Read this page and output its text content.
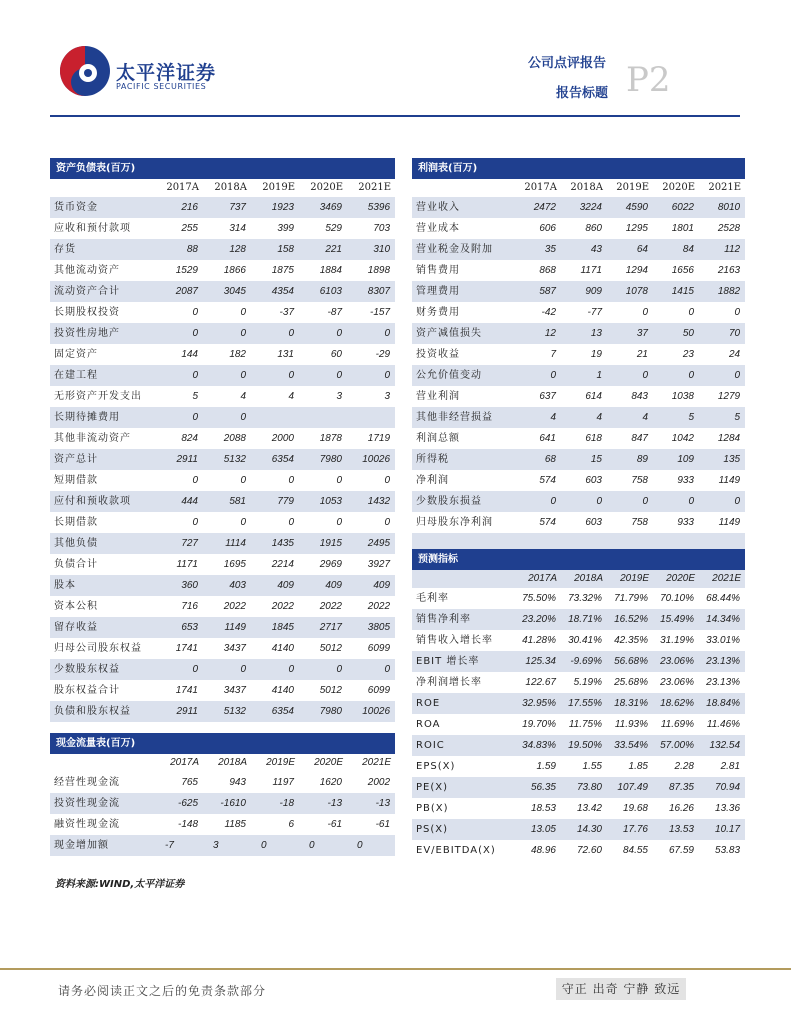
太平洋证券
PACIFIC SECURITIES
公司点评报告
报告标题 P2
资产负债表(百万)					
	2017A	2018A	2019E	2020E	2021E
货币资金	216	737	1923	3469	5396
应收和预付款项	255	314	399	529	703
存货	88	128	158	221	310
其他流动资产	1529	1866	1875	1884	1898
流动资产合计	2087	3045	4354	6103	8307
长期股权投资	0	0	-37	-87	-157
投资性房地产	0	0	0	0	0
固定资产	144	182	131	60	-29
在建工程	0	0	0	0	0
无形资产开发支出	5	4	4	3	3
长期待摊费用	0	0			
其他非流动资产	824	2088	2000	1878	1719
资产总计	2911	5132	6354	7980	10026
短期借款	0	0	0	0	0
应付和预收款项	444	581	779	1053	1432
长期借款	0	0	0	0	0
其他负债	727	1114	1435	1915	2495
负债合计	1171	1695	2214	2969	3927
股本	360	403	409	409	409
资本公积	716	2022	2022	2022	2022
留存收益	653	1149	1845	2717	3805
归母公司股东权益	1741	3437	4140	5012	6099
少数股东权益	0	0	0	0	0
股东权益合计	1741	3437	4140	5012	6099
负债和股东权益	2911	5132	6354	7980	10026
现金流量表(百万)					
	2017A	2018A	2019E	2020E	2021E
经营性现金流	765	943	1197	1620	2002
投资性现金流	-625	-1610	-18	-13	-13
融资性现金流	-148	1185	6	-61	-61
现金增加额	-7	3	0	0	0
利润表(百万)					
	2017A	2018A	2019E	2020E	2021E
营业收入	2472	3224	4590	6022	8010
营业成本	606	860	1295	1801	2528
营业税金及附加	35	43	64	84	112
销售费用	868	1171	1294	1656	2163
管理费用	587	909	1078	1415	1882
财务费用	-42	-77	0	0	0
资产减值损失	12	13	37	50	70
投资收益	7	19	21	23	24
公允价值变动	0	1	0	0	0
营业利润	637	614	843	1038	1279
其他非经营损益	4	4	4	5	5
利润总额	641	618	847	1042	1284
所得税	68	15	89	109	135
净利润	574	603	758	933	1149
少数股东损益	0	0	0	0	0
归母股东净利润	574	603	758	933	1149

预测指标					
	2017A	2018A	2019E	2020E	2021E
毛利率	75.50%	73.32%	71.79%	70.10%	68.44%
销售净利率	23.20%	18.71%	16.52%	15.49%	14.34%
销售收入增长率	41.28%	30.41%	42.35%	31.19%	33.01%
EBIT 增长率	125.34	-9.69%	56.68%	23.06%	23.13%
净利润增长率	122.67	5.19%	25.68%	23.06%	23.13%
ROE	32.95%	17.55%	18.31%	18.62%	18.84%
ROA	19.70%	11.75%	11.93%	11.69%	11.46%
ROIC	34.83%	19.50%	33.54%	57.00%	132.54
EPS(X)	1.59	1.55	1.85	2.28	2.81
PE(X)	56.35	73.80	107.49	87.35	70.94
PB(X)	18.53	13.42	19.68	16.26	13.36
PS(X)	13.05	14.30	17.76	13.53	10.17
EV/EBITDA(X)	48.96	72.60	84.55	67.59	53.83
资料来源:WIND,太平洋证券
请务必阅读正文之后的免责条款部分	守正 出奇 宁静 致远
